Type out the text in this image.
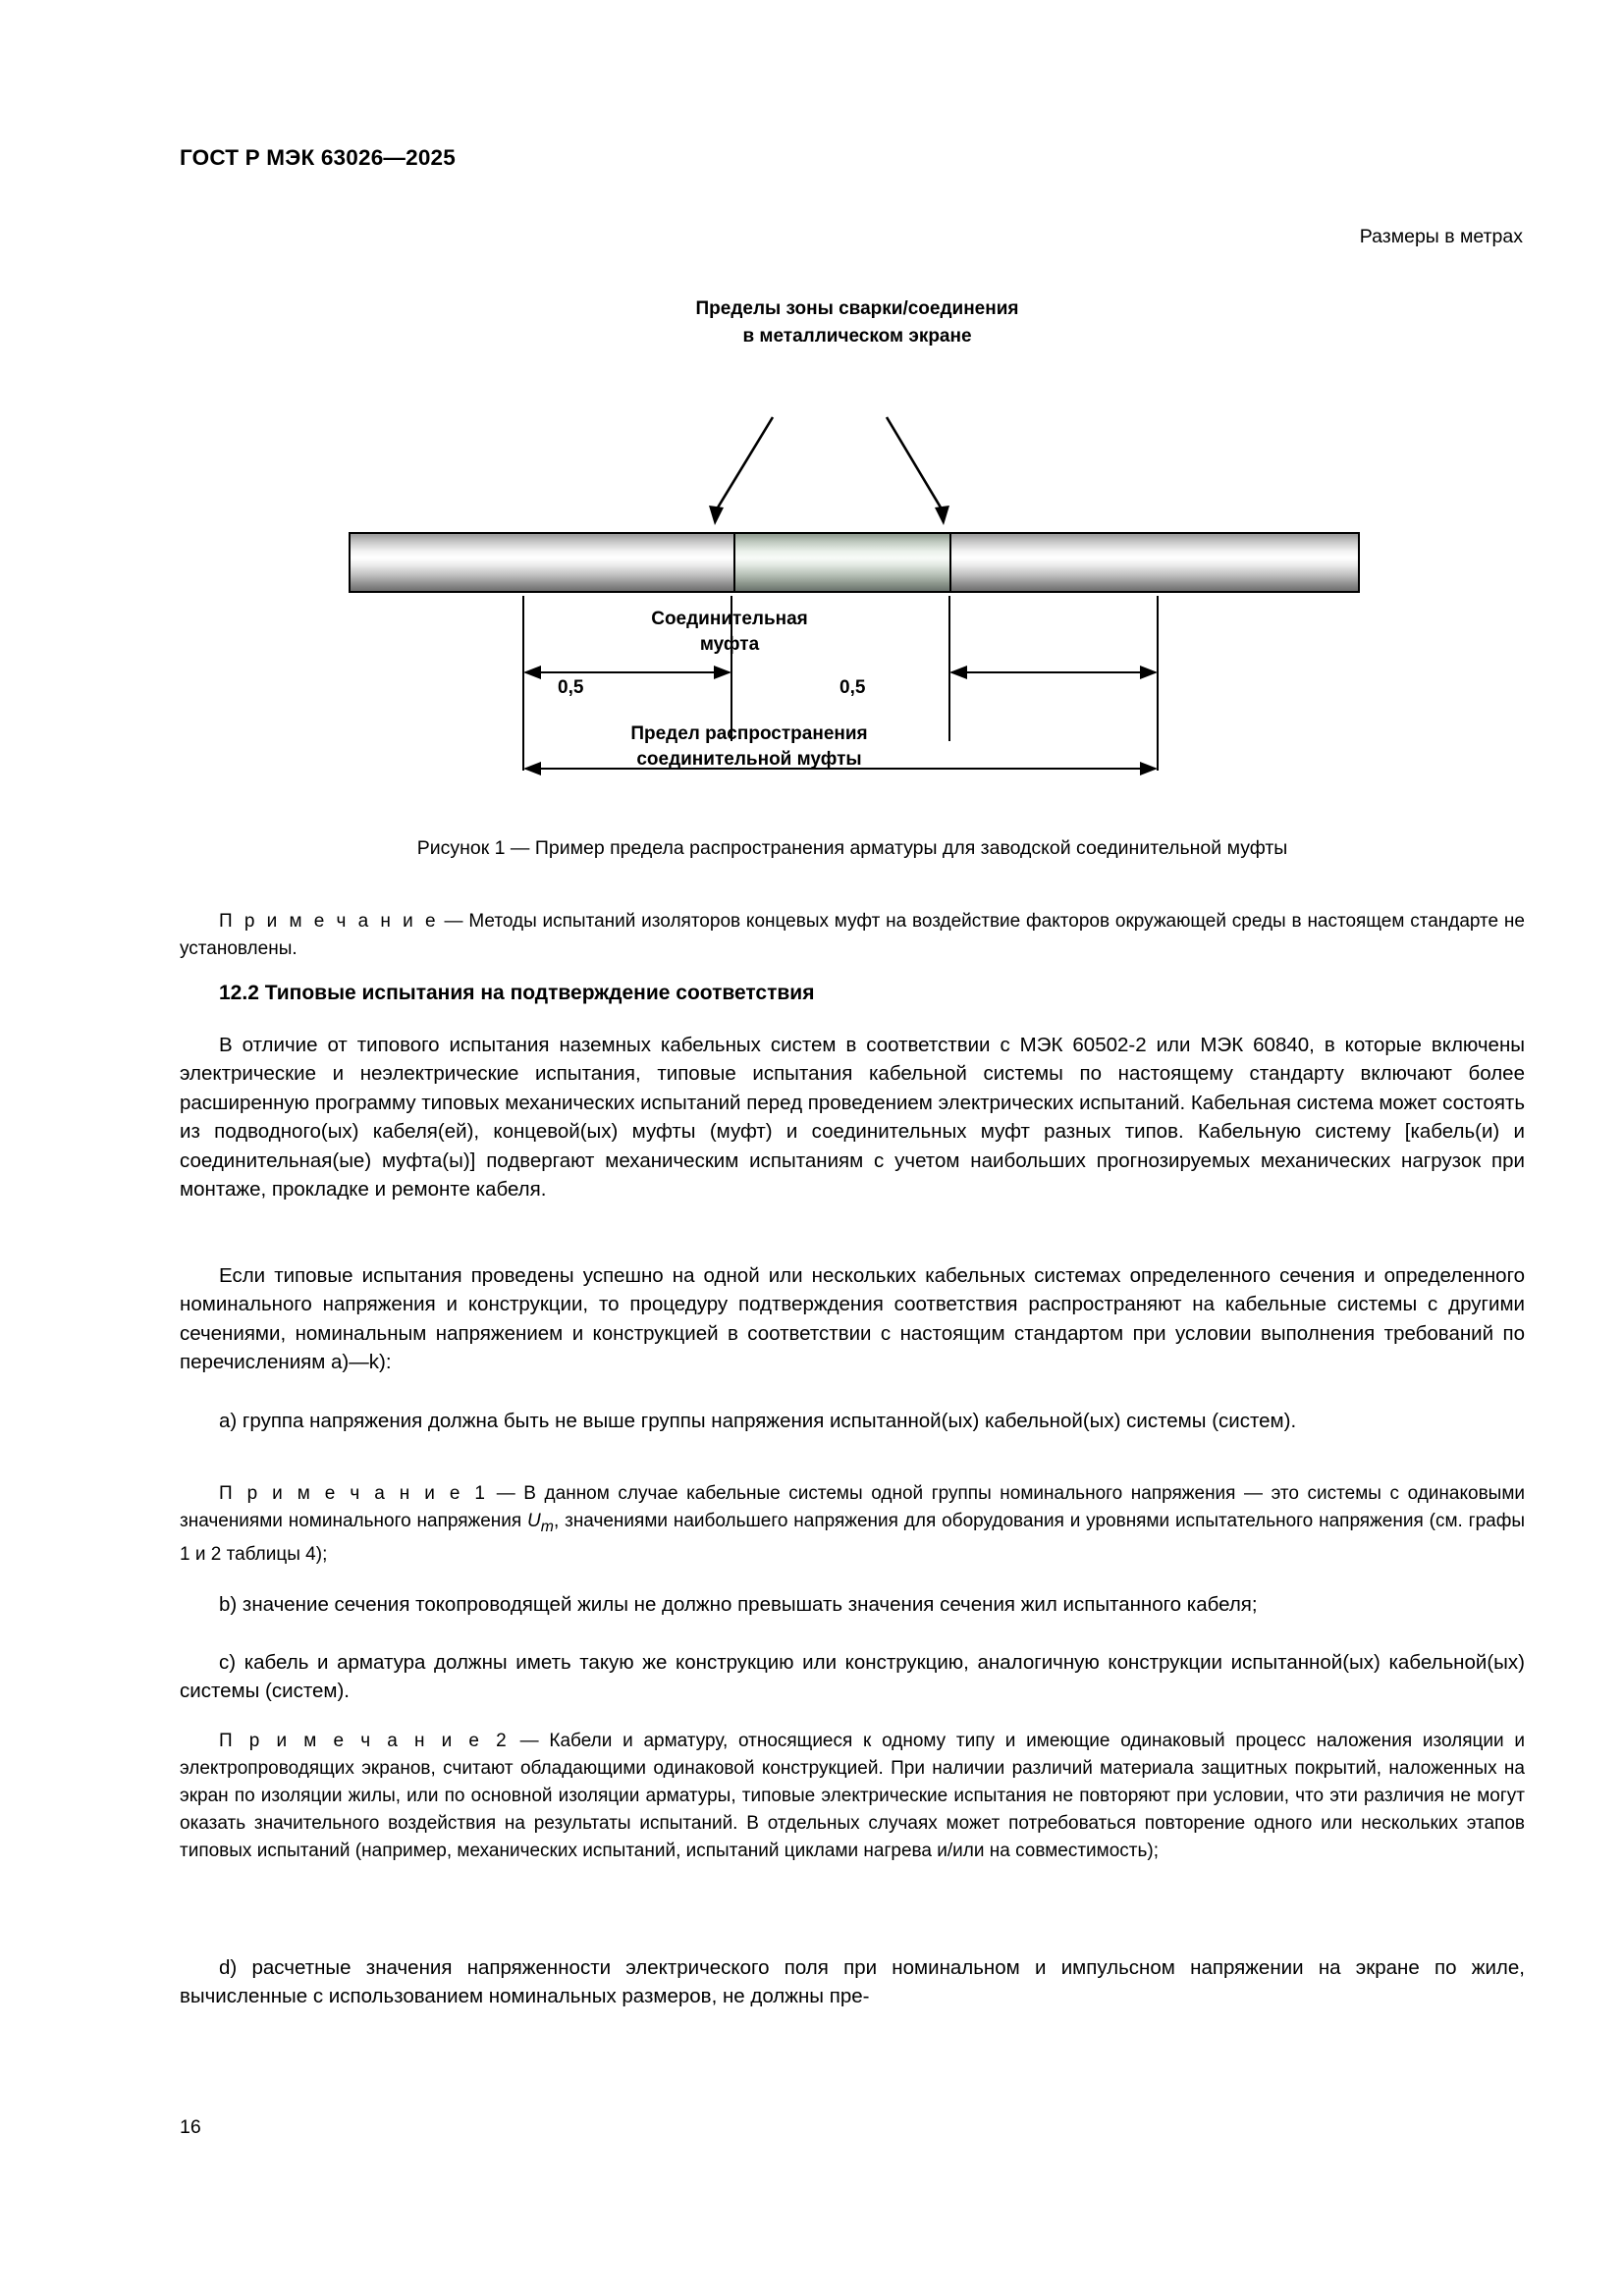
ГОСТ Р МЭК 63026—2025
Размеры в метрах
Пределы зоны сварки/соединения
в металлическом экране
Соединительная
муфта
0,5	0,5
Предел распространения
соединительной муфты
Рисунок 1 — Пример предела распространения арматуры для заводской соединительной муфты
П р и м е ч а н и е — Методы испытаний изоляторов концевых муфт на воздействие факторов окружающей среды в настоящем стандарте не установлены.
12.2 Типовые испытания на подтверждение соответствия
В отличие от типового испытания наземных кабельных систем в соответствии с МЭК 60502-2 или МЭК 60840, в которые включены электрические и неэлектрические испытания, типовые испытания кабельной системы по настоящему стандарту включают более расширенную программу типовых механических испытаний перед проведением электрических испытаний. Кабельная система может состоять из подводного(ых) кабеля(ей), концевой(ых) муфты (муфт) и соединительных муфт разных типов. Кабельную систему [кабель(и) и соединительная(ые) муфта(ы)] подвергают механическим испытаниям с учетом наибольших прогнозируемых механических нагрузок при монтаже, прокладке и ремонте кабеля.
Если типовые испытания проведены успешно на одной или нескольких кабельных системах определенного сечения и определенного номинального напряжения и конструкции, то процедуру подтверждения соответствия распространяют на кабельные системы с другими сечениями, номинальным напряжением и конструкцией в соответствии с настоящим стандартом при условии выполнения требований по перечислениям a)—k):
a) группа напряжения должна быть не выше группы напряжения испытанной(ых) кабельной(ых) системы (систем).
П р и м е ч а н и е 1 — В данном случае кабельные системы одной группы номинального напряжения — это системы с одинаковыми значениями номинального напряжения $U_m$, значениями наибольшего напряжения для оборудования и уровнями испытательного напряжения (см. графы 1 и 2 таблицы 4);
b) значение сечения токопроводящей жилы не должно превышать значения сечения жил испытанного кабеля;
c) кабель и арматура должны иметь такую же конструкцию или конструкцию, аналогичную конструкции испытанной(ых) кабельной(ых) системы (систем).
П р и м е ч а н и е 2 — Кабели и арматуру, относящиеся к одному типу и имеющие одинаковый процесс наложения изоляции и электропроводящих экранов, считают обладающими одинаковой конструкцией. При наличии различий материала защитных покрытий, наложенных на экран по изоляции жилы, или по основной изоляции арматуры, типовые электрические испытания не повторяют при условии, что эти различия не могут оказать значительного воздействия на результаты испытаний. В отдельных случаях может потребоваться повторение одного или нескольких этапов типовых испытаний (например, механических испытаний, испытаний циклами нагрева и/или на совместимость);
d) расчетные значения напряженности электрического поля при номинальном и импульсном напряжении на экране по жиле, вычисленные с использованием номинальных размеров, не должны пре-
16
